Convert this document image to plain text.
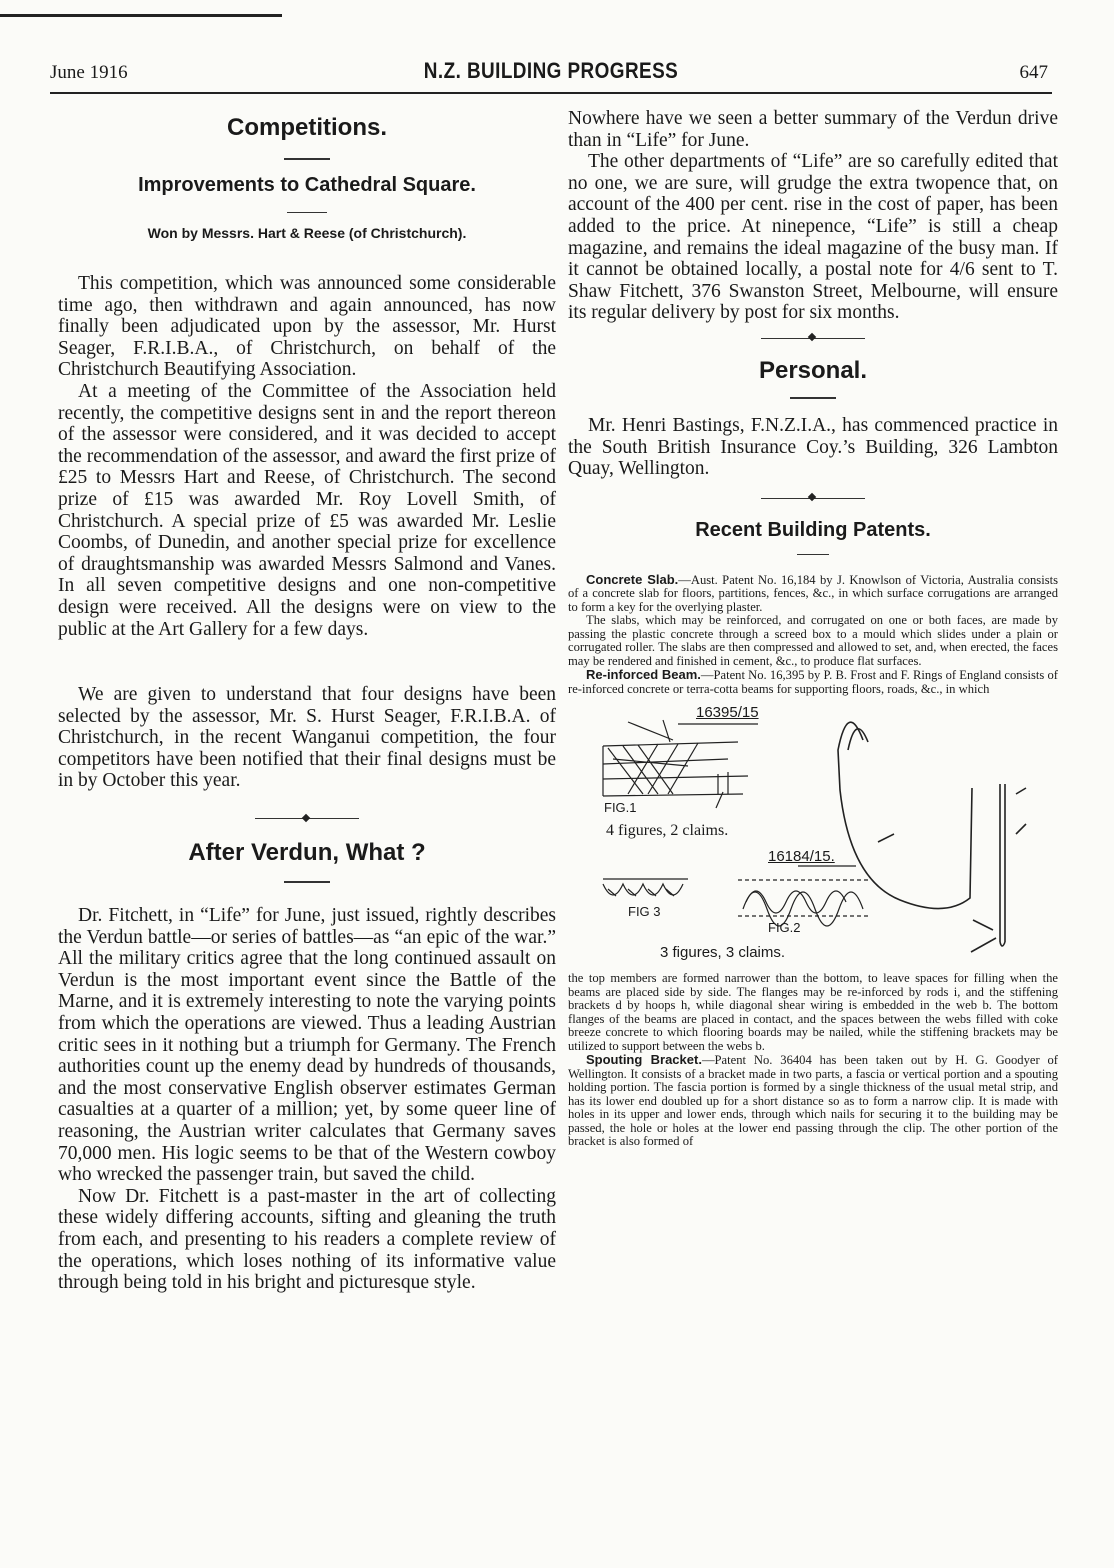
June 1916	N.Z. BUILDING PROGRESS	647
Competitions.
Improvements to Cathedral Square.
Won by Messrs. Hart & Reese (of Christchurch).

This competition, which was announced some considerable time ago, then withdrawn and again announced, has now finally been adjudicated upon by the assessor, Mr. Hurst Seager, F.R.I.B.A., of Christchurch, on behalf of the Christchurch Beautifying Association.

At a meeting of the Committee of the Association held recently, the competitive designs sent in and the report thereon of the assessor were considered, and it was decided to accept the recommendation of the assessor, and award the first prize of £25 to Messrs Hart and Reese, of Christchurch. The second prize of £15 was awarded Mr. Roy Lovell Smith, of Christchurch. A special prize of £5 was awarded Mr. Leslie Coombs, of Dunedin, and another special prize for excellence of draughtsmanship was awarded Messrs Salmond and Vanes. In all seven competitive designs and one non-competitive design were received. All the designs were on view to the public at the Art Gallery for a few days.

We are given to understand that four designs have been selected by the assessor, Mr. S. Hurst Seager, F.R.I.B.A. of Christchurch, in the recent Wanganui competition, the four competitors have been notified that their final designs must be in by October this year.

After Verdun, What ?

Dr. Fitchett, in “Life” for June, just issued, rightly describes the Verdun battle—or series of battles—as “an epic of the war.” All the military critics agree that the long continued assault on Verdun is the most important event since the Battle of the Marne, and it is extremely interesting to note the varying points from which the operations are viewed. Thus a leading Austrian critic sees in it nothing but a triumph for Germany. The French authorities count up the enemy dead by hundreds of thousands, and the most conservative English observer estimates German casualties at a quarter of a million; yet, by some queer line of reasoning, the Austrian writer calculates that Germany saves 70,000 men. His logic seems to be that of the Western cowboy who wrecked the passenger train, but saved the child.

Now Dr. Fitchett is a past-master in the art of collecting these widely differing accounts, sifting and gleaning the truth from each, and presenting to his readers a complete review of the operations, which loses nothing of its informative value through being told in his bright and picturesque style.

Nowhere have we seen a better summary of the Verdun drive than in “Life” for June.

The other departments of “Life” are so carefully edited that no one, we are sure, will grudge the extra twopence that, on account of the 400 per cent. rise in the cost of paper, has been added to the price. At ninepence, “Life” is still a cheap magazine, and remains the ideal magazine of the busy man. If it cannot be obtained locally, a postal note for 4/6 sent to T. Shaw Fitchett, 376 Swanston Street, Melbourne, will ensure its regular delivery by post for six months.

Personal.

Mr. Henri Bastings, F.N.Z.I.A., has commenced practice in the South British Insurance Coy.’s Building, 326 Lambton Quay, Wellington.

Recent Building Patents.

Concrete Slab.—Aust. Patent No. 16,184 by J. Knowlson of Victoria, Australia consists of a concrete slab for floors, partitions, fences, &c., in which surface corrugations are arranged to form a key for the overlying plaster.

The slabs, which may be reinforced, and corrugated on one or both faces, are made by passing the plastic concrete through a screed box to a mould which slides under a plain or corrugated roller. The slabs are then compressed and allowed to set, and, when erected, the faces may be rendered and finished in cement, &c., to produce flat surfaces.

Re-inforced Beam.—Patent No. 16,395 by P. B. Frost and F. Rings of England consists of re-inforced concrete or terra-cotta beams for supporting floors, roads, &c., in which

16395/15
FIG.1
4 figures, 2 claims.
16184/15.
FIG 3
FIG.2
3 figures, 3 claims.

the top members are formed narrower than the bottom, to leave spaces for filling when the beams are placed side by side. The flanges may be re-inforced by rods i, and the stiffening brackets d by hoops h, while diagonal shear wiring is embedded in the web b. The bottom flanges of the beams are placed in contact, and the spaces between the webs filled with coke breeze concrete to which flooring boards may be nailed, while the stiffening brackets may be utilized to support between the webs b.

Spouting Bracket.—Patent No. 36404 has been taken out by H. G. Goodyer of Wellington. It consists of a bracket made in two parts, a fascia or vertical portion and a spouting holding portion. The fascia portion is formed by a single thickness of the usual metal strip, and has its lower end doubled up for a short distance so as to form a narrow clip. It is made with holes in its upper and lower ends, through which nails for securing it to the building may be passed, the hole or holes at the lower end passing through the clip. The other portion of the bracket is also formed of
